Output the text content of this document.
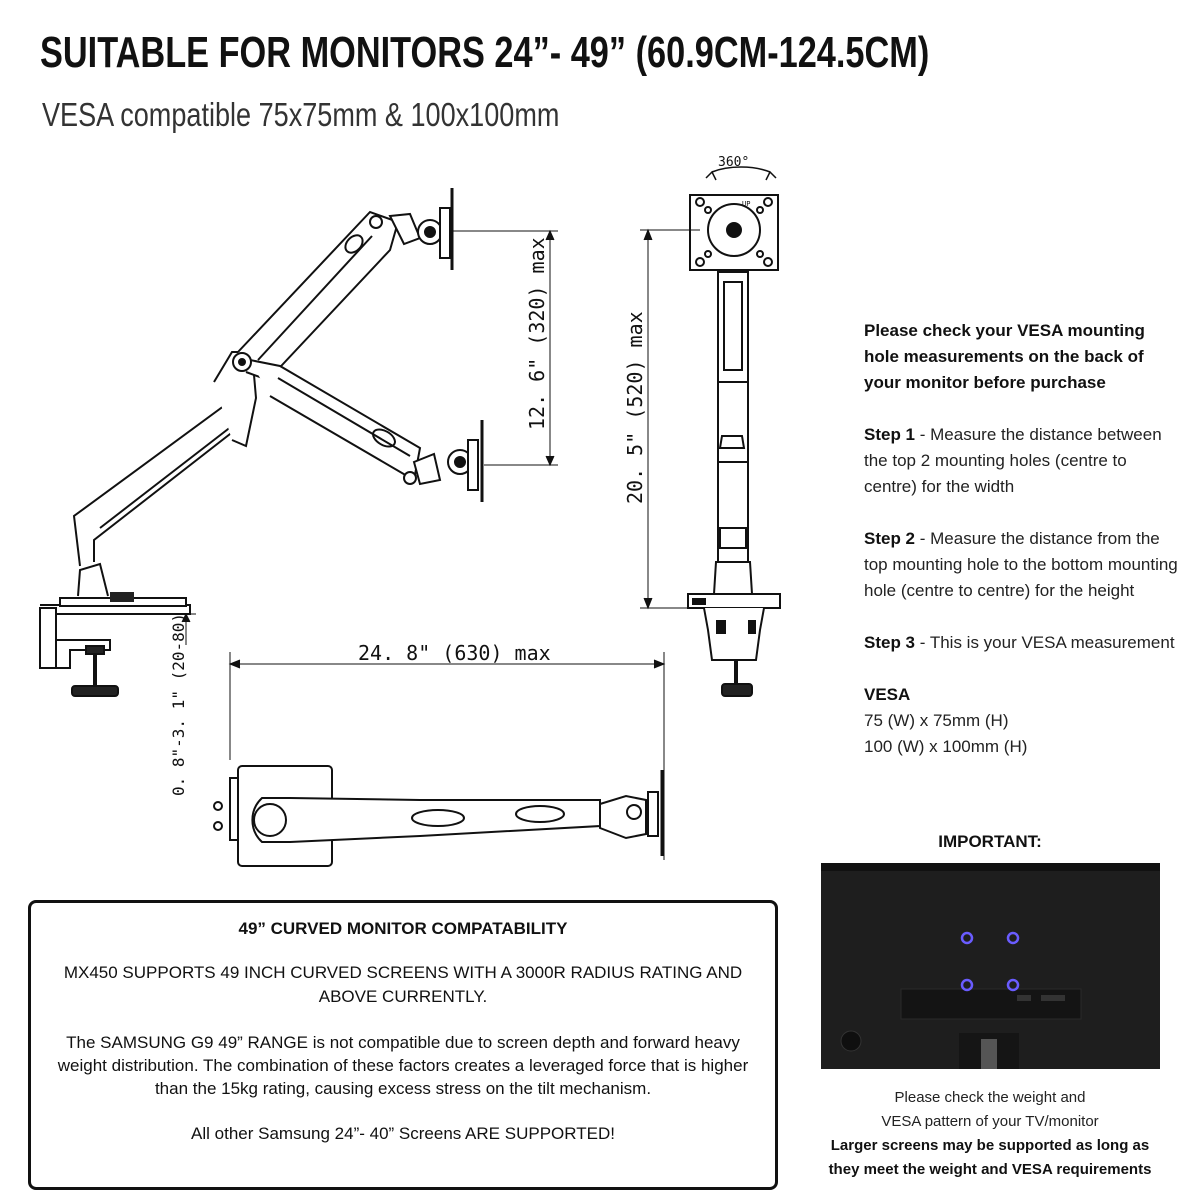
SUITABLE FOR MONITORS 24”- 49” (60.9CM-124.5CM)
VESA compatible 75x75mm & 100x100mm
12. 6" (320) max	20. 5" (520) max
24. 8" (630) max
0. 8"-3. 1" (20-80)
360°
UP
Please check your VESA mounting hole measurements on the back of your monitor before purchase
Step 1 - Measure the distance between the top 2 mounting holes (centre to centre) for the width
Step 2 - Measure the distance from the top mounting hole to the bottom mounting hole (centre to centre) for the height
Step 3 - This is your VESA measurement
VESA
75 (W) x 75mm (H)
100 (W) x 100mm (H)
49” CURVED MONITOR COMPATABILITY
MX450 SUPPORTS 49 INCH CURVED SCREENS WITH A 3000R RADIUS RATING AND ABOVE CURRENTLY.
The SAMSUNG G9 49” RANGE is not compatible due to screen depth and forward heavy weight distribution. The combination of these factors creates a leveraged force that is higher than the 15kg rating, causing excess stress on the tilt mechanism.
All other Samsung 24”- 40” Screens ARE SUPPORTED!
IMPORTANT:
Please check the weight and
VESA pattern of your TV/monitor
Larger screens may be supported as long as
they meet the weight and VESA requirements
